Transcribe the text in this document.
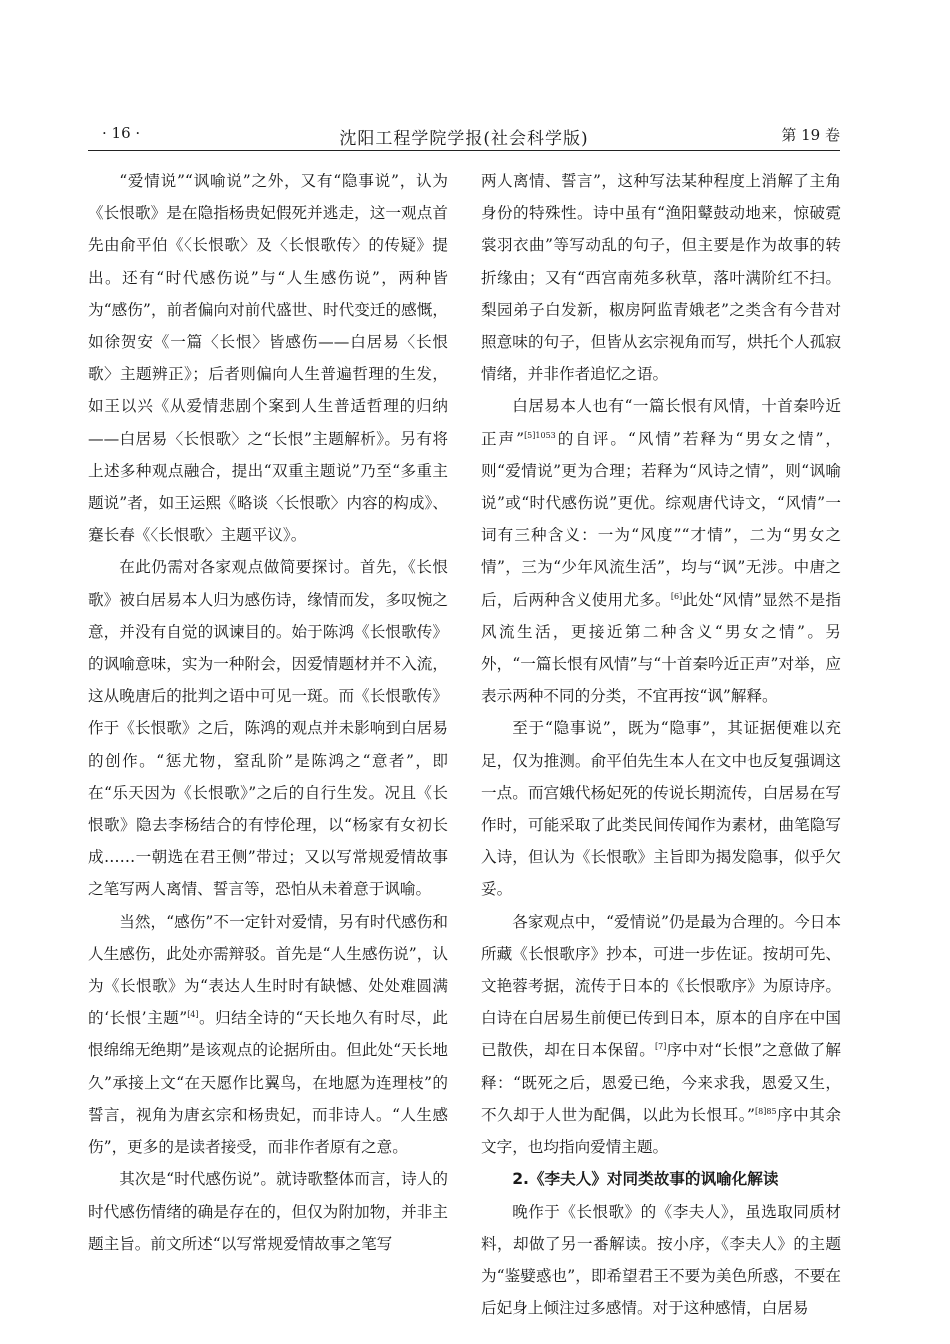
· 16 ·	沈阳工程学院学报(社会科学版)	第 19 卷

“爱情说”“讽喻说”之外，又有“隐事说”，认为《长恨歌》是在隐指杨贵妃假死并逃走，这一观点首先由俞平伯《〈长恨歌〉及〈长恨歌传〉的传疑》提出。还有“时代感伤说”与“人生感伤说”，两种皆为“感伤”，前者偏向对前代盛世、时代变迁的感慨，如徐贺安《一篇〈长恨〉皆感伤——白居易〈长恨歌〉主题辨正》；后者则偏向人生普遍哲理的生发，如王以兴《从爱情悲剧个案到人生普适哲理的归纳——白居易〈长恨歌〉之“长恨”主题解析》。另有将上述多种观点融合，提出“双重主题说”乃至“多重主题说”者，如王运熙《略谈〈长恨歌〉内容的构成》、蹇长春《〈长恨歌〉主题平议》。

在此仍需对各家观点做简要探讨。首先，《长恨歌》被白居易本人归为感伤诗，缘情而发，多叹惋之意，并没有自觉的讽谏目的。始于陈鸿《长恨歌传》的讽喻意味，实为一种附会，因爱情题材并不入流，这从晚唐后的批判之语中可见一斑。而《长恨歌传》作于《长恨歌》之后，陈鸿的观点并未影响到白居易的创作。“惩尤物，窒乱阶”是陈鸿之“意者”，即在“乐天因为《长恨歌》”之后的自行生发。况且《长恨歌》隐去李杨结合的有悖伦理，以“杨家有女初长成……一朝选在君王侧”带过；又以写常规爱情故事之笔写两人离情、誓言等，恐怕从未着意于讽喻。

当然，“感伤”不一定针对爱情，另有时代感伤和人生感伤，此处亦需辩驳。首先是“人生感伤说”，认为《长恨歌》为“表达人生时时有缺憾、处处难圆满的‘长恨’主题”[4]。归结全诗的“天长地久有时尽，此恨绵绵无绝期”是该观点的论据所由。但此处“天长地久”承接上文“在天愿作比翼鸟，在地愿为连理枝”的誓言，视角为唐玄宗和杨贵妃，而非诗人。“人生感伤”，更多的是读者接受，而非作者原有之意。

其次是“时代感伤说”。就诗歌整体而言，诗人的时代感伤情绪的确是存在的，但仅为附加物，并非主题主旨。前文所述“以写常规爱情故事之笔写

两人离情、誓言”，这种写法某种程度上消解了主角身份的特殊性。诗中虽有“渔阳鼙鼓动地来，惊破霓裳羽衣曲”等写动乱的句子，但主要是作为故事的转折缘由；又有“西宫南苑多秋草，落叶满阶红不扫。梨园弟子白发新，椒房阿监青娥老”之类含有今昔对照意味的句子，但皆从玄宗视角而写，烘托个人孤寂情绪，并非作者追忆之语。

白居易本人也有“一篇长恨有风情，十首秦吟近正声”$^{[5]1053}$的自评。“风情”若释为“男女之情”，则“爱情说”更为合理；若释为“风诗之情”，则“讽喻说”或“时代感伤说”更优。综观唐代诗文，“风情”一词有三种含义：一为“风度”“才情”，二为“男女之情”，三为“少年风流生活”，均与“讽”无涉。中唐之后，后两种含义使用尤多。[6]此处“风情”显然不是指风流生活，更接近第二种含义“男女之情”。另外，“一篇长恨有风情”与“十首秦吟近正声”对举，应表示两种不同的分类，不宜再按“讽”解释。

至于“隐事说”，既为“隐事”，其证据便难以充足，仅为推测。俞平伯先生本人在文中也反复强调这一点。而宫娥代杨妃死的传说长期流传，白居易在写作时，可能采取了此类民间传闻作为素材，曲笔隐写入诗，但认为《长恨歌》主旨即为揭发隐事，似乎欠妥。

各家观点中，“爱情说”仍是最为合理的。今日本所藏《长恨歌序》抄本，可进一步佐证。按胡可先、文艳蓉考据，流传于日本的《长恨歌序》为原诗序。白诗在白居易生前便已传到日本，原本的自序在中国已散佚，却在日本保留。[7]序中对“长恨”之意做了解释：“既死之后，恩爱已绝，今来求我，恩爱又生，不久却于人世为配偶，以此为长恨耳。”$^{[8]85}$序中其余文字，也均指向爱情主题。

2.《李夫人》对同类故事的讽喻化解读

晚作于《长恨歌》的《李夫人》，虽选取同质材料，却做了另一番解读。按小序，《李夫人》的主题为“鉴嬖惑也”，即希望君王不要为美色所惑，不要在后妃身上倾注过多感情。对于这种感情，白居易
